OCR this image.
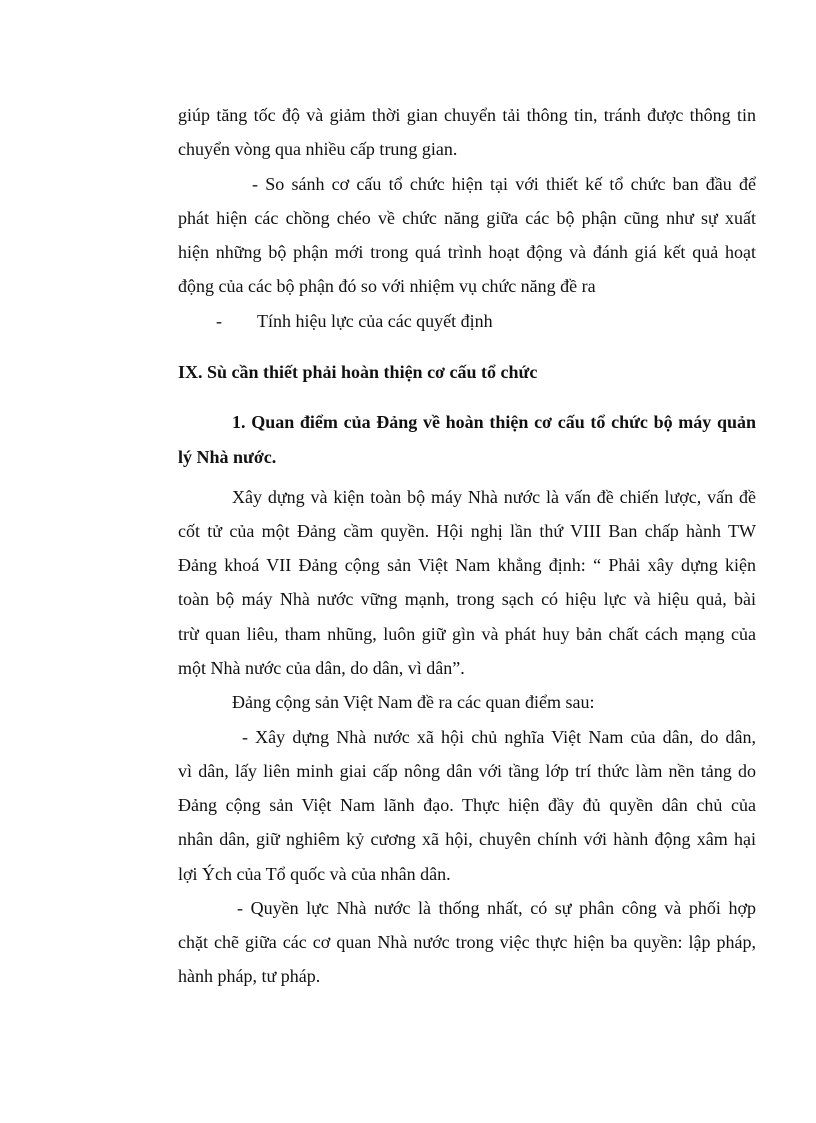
giúp tăng tốc độ và giảm thời gian chuyển tải thông tin, tránh được thông tin
chuyển vòng qua nhiều cấp trung gian.
- So sánh cơ cấu tổ chức hiện tại với thiết kế tổ chức ban đầu để
phát hiện các chồng chéo về chức năng giữa các bộ phận cũng như sự xuất
hiện những bộ phận mới trong quá trình hoạt động và đánh giá kết quả hoạt
động của các bộ phận đó so với nhiệm vụ chức năng đề ra
-	Tính hiệu lực của các quyết định
IX. Sù cần thiết phải hoàn thiện cơ cấu tổ chức
1. Quan điểm của Đảng về hoàn thiện cơ cấu tổ chức bộ máy quản
lý Nhà nước.
Xây dựng và kiện toàn bộ máy Nhà nước là vấn đề chiến lược, vấn đề
cốt tử của một Đảng cầm quyền. Hội nghị lần thứ VIII Ban chấp hành TW
Đảng khoá VII Đảng cộng sản Việt Nam khẳng định: “ Phải xây dựng kiện
toàn bộ máy Nhà nước vững mạnh, trong sạch có hiệu lực và hiệu quả, bài
trừ quan liêu, tham nhũng, luôn giữ gìn và phát huy bản chất cách mạng của
một Nhà nước của dân, do dân, vì dân”.
Đảng cộng sản Việt Nam đề ra các quan điểm sau:
- Xây dựng Nhà nước xã hội chủ nghĩa Việt Nam của dân, do dân,
vì dân, lấy liên minh giai cấp nông dân với tầng lớp trí thức làm nền tảng do
Đảng cộng sản Việt Nam lãnh đạo. Thực hiện đầy đủ quyền dân chủ của
nhân dân, giữ nghiêm kỷ cương xã hội, chuyên chính với hành động xâm hại
lợi Ých của Tổ quốc và của nhân dân.
- Quyền lực Nhà nước là thống nhất, có sự phân công và phối hợp
chặt chẽ giữa các cơ quan Nhà nước trong việc thực hiện ba quyền: lập pháp,
hành pháp, tư pháp.
